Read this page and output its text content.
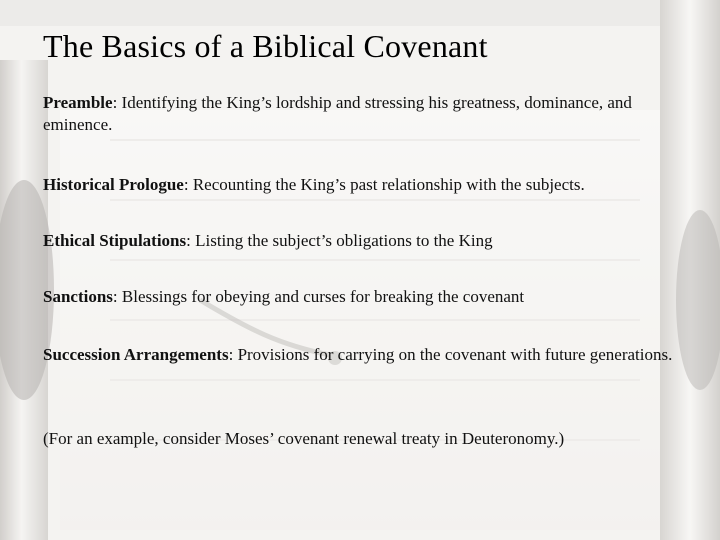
The Basics of a Biblical Covenant

Preamble: Identifying the King’s lordship and stressing his greatness, dominance, and eminence.

Historical Prologue: Recounting the King’s past relationship with the subjects.

Ethical Stipulations: Listing the subject’s obligations to the King

Sanctions: Blessings for obeying and curses for breaking the covenant

Succession Arrangements: Provisions for carrying on the covenant with future generations.

(For an example, consider Moses’ covenant renewal treaty in Deuteronomy.)
